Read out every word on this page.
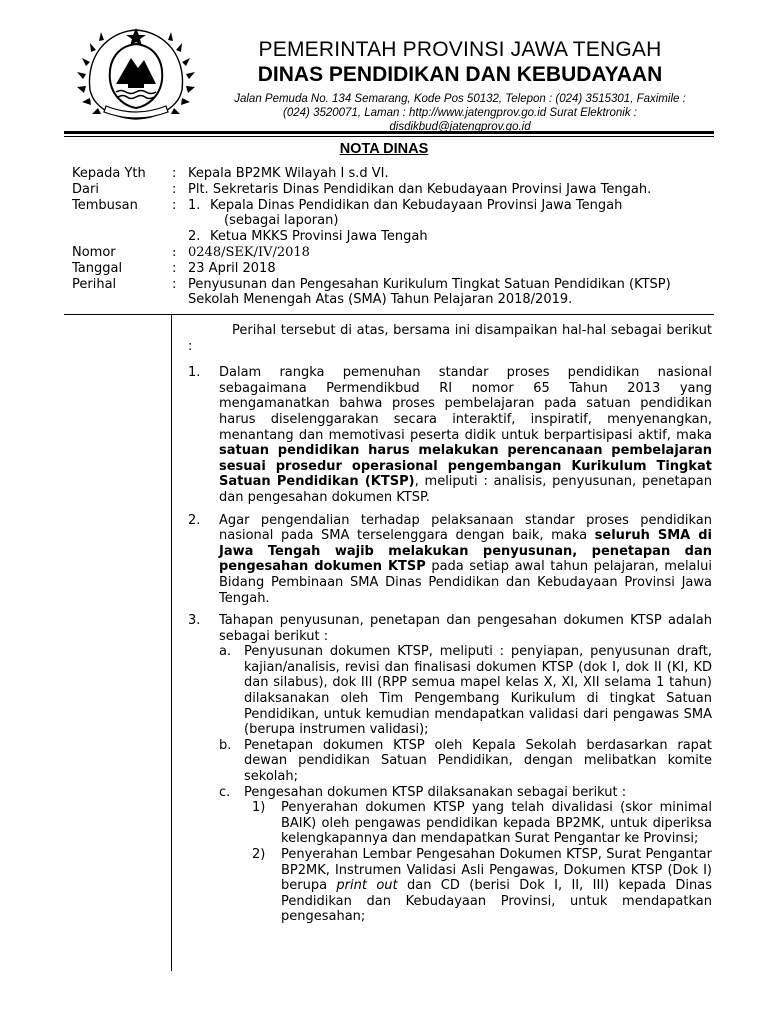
PEMERINTAH PROVINSI JAWA TENGAH
DINAS PENDIDIKAN DAN KEBUDAYAAN
Jalan Pemuda No. 134 Semarang, Kode Pos 50132, Telepon : (024) 3515301, Faximile :
(024) 3520071, Laman : http://www.jatengprov.go.id Surat Elektronik :
disdikbud@jatengprov.go.id
NOTA DINAS
Kepada Yth	: Kepala BP2MK Wilayah I s.d VI.
Dari	: Plt. Sekretaris Dinas Pendidikan dan Kebudayaan Provinsi Jawa Tengah.
Tembusan	: 1. Kepala Dinas Pendidikan dan Kebudayaan Provinsi Jawa Tengah
(sebagai laporan)
2. Ketua MKKS Provinsi Jawa Tengah
Nomor	: 0248/SEK/IV/2018
Tanggal	: 23 April 2018
Perihal	: Penyusunan dan Pengesahan Kurikulum Tingkat Satuan Pendidikan (KTSP) Sekolah Menengah Atas (SMA) Tahun Pelajaran 2018/2019.

Perihal tersebut di atas, bersama ini disampaikan hal-hal sebagai berikut :

1.	Dalam rangka pemenuhan standar proses pendidikan nasional sebagaimana Permendikbud RI nomor 65 Tahun 2013 yang mengamanatkan bahwa proses pembelajaran pada satuan pendidikan harus diselenggarakan secara interaktif, inspiratif, menyenangkan, menantang dan memotivasi peserta didik untuk berpartisipasi aktif, maka satuan pendidikan harus melakukan perencanaan pembelajaran sesuai prosedur operasional pengembangan Kurikulum Tingkat Satuan Pendidikan (KTSP), meliputi : analisis, penyusunan, penetapan dan pengesahan dokumen KTSP.
2.	Agar pengendalian terhadap pelaksanaan standar proses pendidikan nasional pada SMA terselenggara dengan baik, maka seluruh SMA di Jawa Tengah wajib melakukan penyusunan, penetapan dan pengesahan dokumen KTSP pada setiap awal tahun pelajaran, melalui Bidang Pembinaan SMA Dinas Pendidikan dan Kebudayaan Provinsi Jawa Tengah.
3.	Tahapan penyusunan, penetapan dan pengesahan dokumen KTSP adalah sebagai berikut :
a. Penyusunan dokumen KTSP, meliputi : penyiapan, penyusunan draft, kajian/analisis, revisi dan finalisasi dokumen KTSP (dok I, dok II (KI, KD dan silabus), dok III (RPP semua mapel kelas X, XI, XII selama 1 tahun) dilaksanakan oleh Tim Pengembang Kurikulum di tingkat Satuan Pendidikan, untuk kemudian mendapatkan validasi dari pengawas SMA (berupa instrumen validasi);
b. Penetapan dokumen KTSP oleh Kepala Sekolah berdasarkan rapat dewan pendidikan Satuan Pendidikan, dengan melibatkan komite sekolah;
c.	Pengesahan dokumen KTSP dilaksanakan sebagai berikut :
1)	Penyerahan dokumen KTSP yang telah divalidasi (skor minimal BAIK) oleh pengawas pendidikan kepada BP2MK, untuk diperiksa kelengkapannya dan mendapatkan Surat Pengantar ke Provinsi;
2)	Penyerahan Lembar Pengesahan Dokumen KTSP, Surat Pengantar BP2MK, Instrumen Validasi Asli Pengawas, Dokumen KTSP (Dok I) berupa print out dan CD (berisi Dok I, II, III) kepada Dinas Pendidikan dan Kebudayaan Provinsi, untuk mendapatkan pengesahan;
